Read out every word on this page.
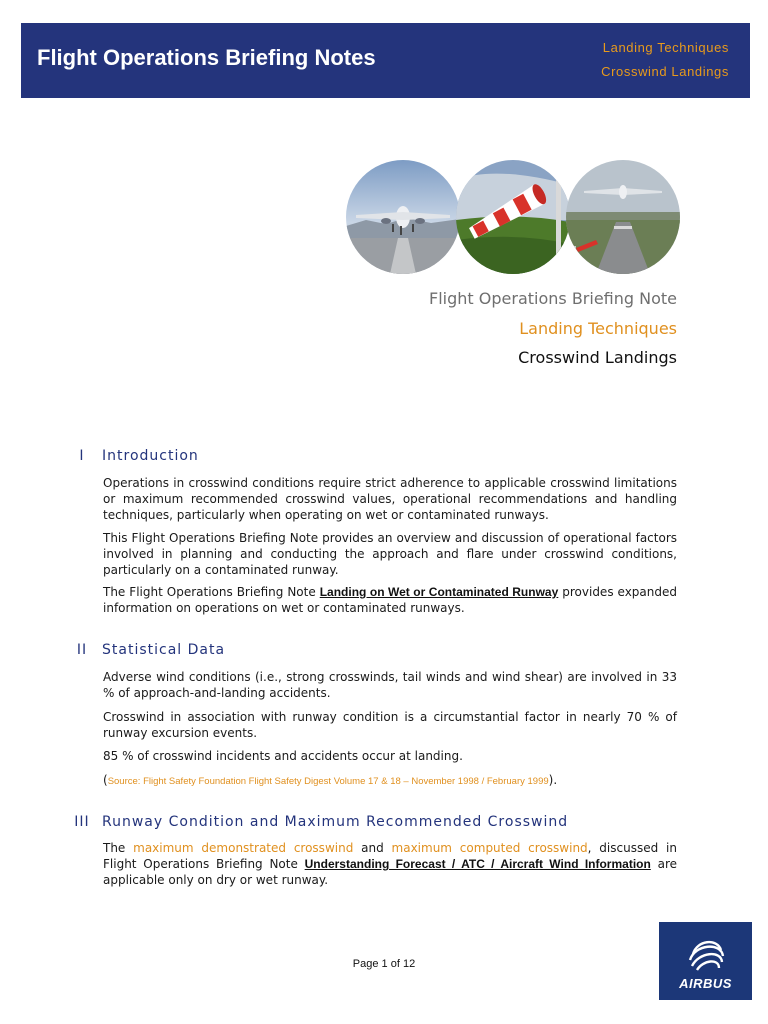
Flight Operations Briefing Notes	Landing Techniques
Crosswind Landings
Flight Operations Briefing Note
Landing Techniques
Crosswind Landings
I Introduction
Operations in crosswind conditions require strict adherence to applicable crosswind limitations or maximum recommended crosswind values, operational recommendations and handling techniques, particularly when operating on wet or contaminated runways.
This Flight Operations Briefing Note provides an overview and discussion of operational factors involved in planning and conducting the approach and flare under crosswind conditions, particularly on a contaminated runway.
The Flight Operations Briefing Note Landing on Wet or Contaminated Runway provides expanded information on operations on wet or contaminated runways.
II Statistical Data
Adverse wind conditions (i.e., strong crosswinds, tail winds and wind shear) are involved in 33 % of approach-and-landing accidents.
Crosswind in association with runway condition is a circumstantial factor in nearly 70 % of runway excursion events.
85 % of crosswind incidents and accidents occur at landing.
(Source: Flight Safety Foundation Flight Safety Digest Volume 17 & 18 – November 1998 / February 1999).
III Runway Condition and Maximum Recommended Crosswind
The maximum demonstrated crosswind and maximum computed crosswind, discussed in Flight Operations Briefing Note Understanding Forecast / ATC / Aircraft Wind Information are applicable only on dry or wet runway.
Page 1 of 12
AIRBUS
